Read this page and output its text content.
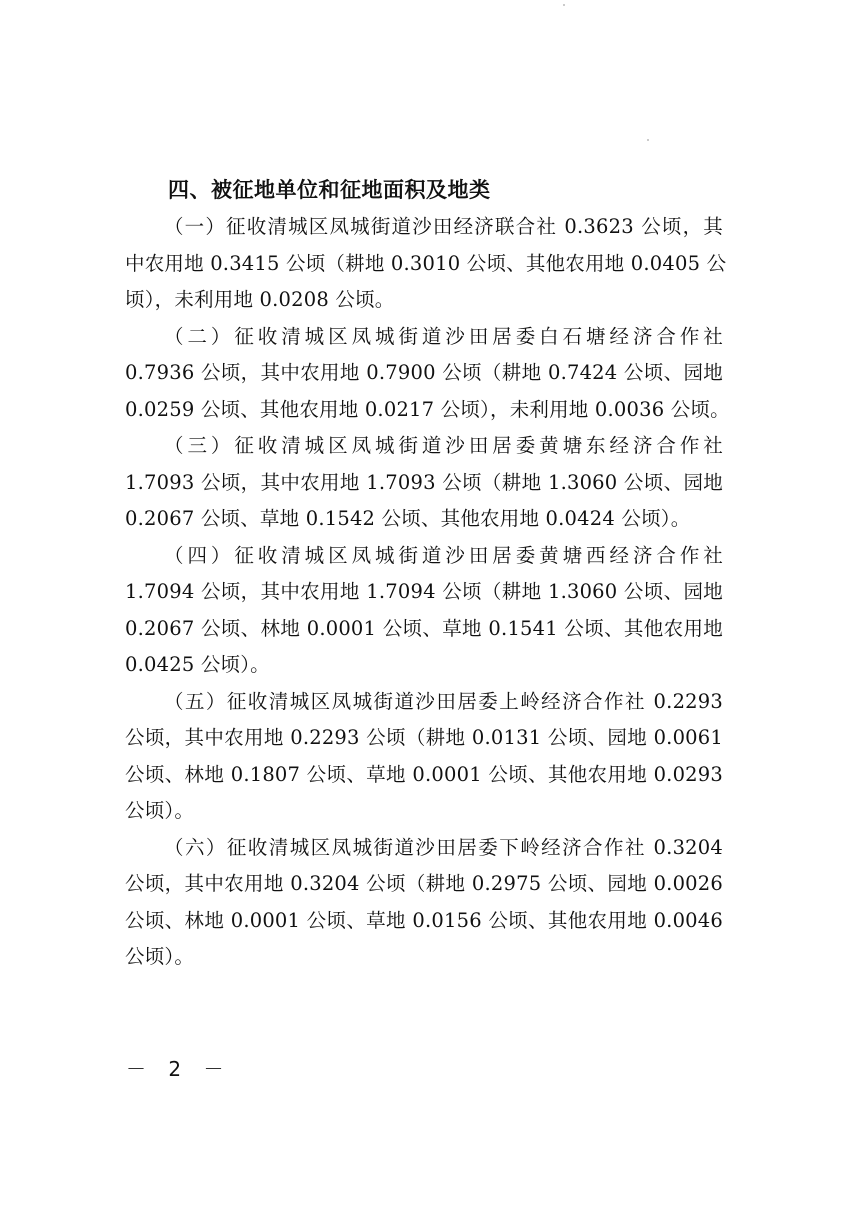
四、被征地单位和征地面积及地类
（一）征收清城区凤城街道沙田经济联合社 0.3623 公顷，其
中农用地 0.3415 公顷（耕地 0.3010 公顷、其他农用地 0.0405 公
顷），未利用地 0.0208 公顷。
（二）征收清城区凤城街道沙田居委白石塘经济合作社
0.7936 公顷，其中农用地 0.7900 公顷（耕地 0.7424 公顷、园地
0.0259 公顷、其他农用地 0.0217 公顷），未利用地 0.0036 公顷。
（三）征收清城区凤城街道沙田居委黄塘东经济合作社
1.7093 公顷，其中农用地 1.7093 公顷（耕地 1.3060 公顷、园地
0.2067 公顷、草地 0.1542 公顷、其他农用地 0.0424 公顷）。
（四）征收清城区凤城街道沙田居委黄塘西经济合作社
1.7094 公顷，其中农用地 1.7094 公顷（耕地 1.3060 公顷、园地
0.2067 公顷、林地 0.0001 公顷、草地 0.1541 公顷、其他农用地
0.0425 公顷）。
（五）征收清城区凤城街道沙田居委上岭经济合作社 0.2293
公顷，其中农用地 0.2293 公顷（耕地 0.0131 公顷、园地 0.0061
公顷、林地 0.1807 公顷、草地 0.0001 公顷、其他农用地 0.0293
公顷）。
（六）征收清城区凤城街道沙田居委下岭经济合作社 0.3204
公顷，其中农用地 0.3204 公顷（耕地 0.2975 公顷、园地 0.0026
公顷、林地 0.0001 公顷、草地 0.0156 公顷、其他农用地 0.0046
公顷）。
－ 2 －
